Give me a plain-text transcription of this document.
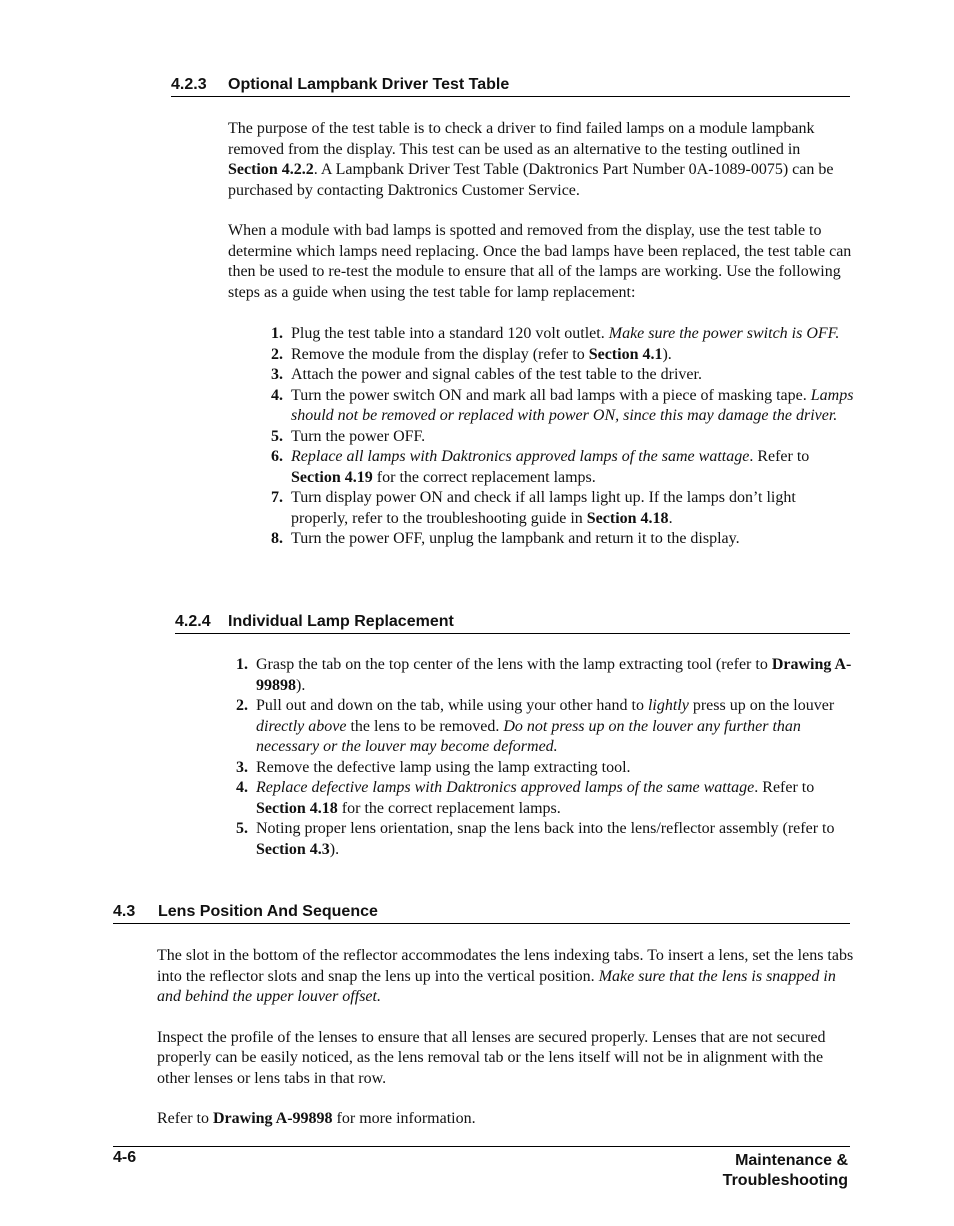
4.2.3 Optional Lampbank Driver Test Table

The purpose of the test table is to check a driver to find failed lamps on a module lampbank removed from the display. This test can be used as an alternative to the testing outlined in Section 4.2.2. A Lampbank Driver Test Table (Daktronics Part Number 0A-1089-0075) can be purchased by contacting Daktronics Customer Service.

When a module with bad lamps is spotted and removed from the display, use the test table to determine which lamps need replacing. Once the bad lamps have been replaced, the test table can then be used to re-test the module to ensure that all of the lamps are working. Use the following steps as a guide when using the test table for lamp replacement:

1. Plug the test table into a standard 120 volt outlet. Make sure the power switch is OFF.
2. Remove the module from the display (refer to Section 4.1).
3. Attach the power and signal cables of the test table to the driver.
4. Turn the power switch ON and mark all bad lamps with a piece of masking tape. Lamps should not be removed or replaced with power ON, since this may damage the driver.
5. Turn the power OFF.
6. Replace all lamps with Daktronics approved lamps of the same wattage. Refer to Section 4.19 for the correct replacement lamps.
7. Turn display power ON and check if all lamps light up. If the lamps don’t light properly, refer to the troubleshooting guide in Section 4.18.
8. Turn the power OFF, unplug the lampbank and return it to the display.
4.2.4 Individual Lamp Replacement
1. Grasp the tab on the top center of the lens with the lamp extracting tool (refer to Drawing A-99898).
2. Pull out and down on the tab, while using your other hand to lightly press up on the louver directly above the lens to be removed. Do not press up on the louver any further than necessary or the louver may become deformed.
3. Remove the defective lamp using the lamp extracting tool.
4. Replace defective lamps with Daktronics approved lamps of the same wattage. Refer to Section 4.18 for the correct replacement lamps.
5. Noting proper lens orientation, snap the lens back into the lens/reflector assembly (refer to Section 4.3).
4.3 Lens Position And Sequence

The slot in the bottom of the reflector accommodates the lens indexing tabs. To insert a lens, set the lens tabs into the reflector slots and snap the lens up into the vertical position. Make sure that the lens is snapped in and behind the upper louver offset.

Inspect the profile of the lenses to ensure that all lenses are secured properly. Lenses that are not secured properly can be easily noticed, as the lens removal tab or the lens itself will not be in alignment with the other lenses or lens tabs in that row.

Refer to Drawing A-99898 for more information.

4-6	Maintenance &
Troubleshooting
